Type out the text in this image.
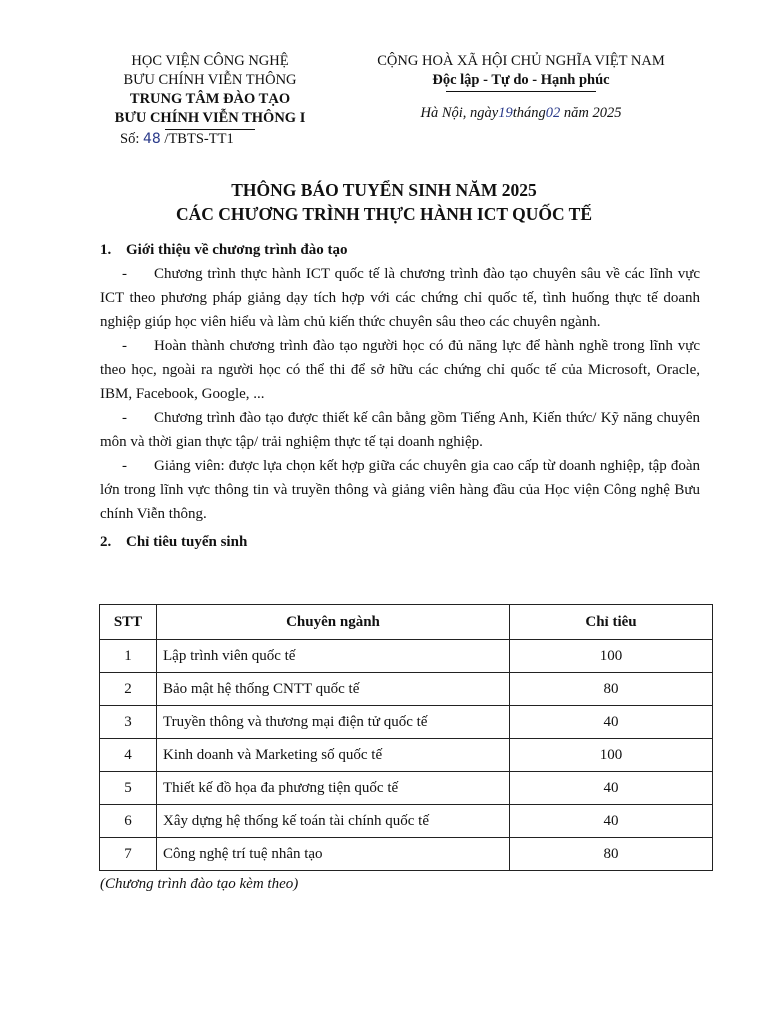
HỌC VIỆN CÔNG NGHỆ
BƯU CHÍNH VIỄN THÔNG
TRUNG TÂM ĐÀO TẠO
BƯU CHÍNH VIỄN THÔNG I
Số: 48 /TBTS-TT1
CỘNG HOÀ XÃ HỘI CHỦ NGHĨA VIỆT NAM
Độc lập - Tự do - Hạnh phúc
Hà Nội, ngày19tháng02 năm 2025
THÔNG BÁO TUYỂN SINH NĂM 2025
CÁC CHƯƠNG TRÌNH THỰC HÀNH ICT QUỐC TẾ
1. Giới thiệu về chương trình đào tạo

- Chương trình thực hành ICT quốc tế là chương trình đào tạo chuyên sâu về các lĩnh vực ICT theo phương pháp giảng dạy tích hợp với các chứng chỉ quốc tế, tình huống thực tế doanh nghiệp giúp học viên hiểu và làm chủ kiến thức chuyên sâu theo các chuyên ngành.

- Hoàn thành chương trình đào tạo người học có đủ năng lực để hành nghề trong lĩnh vực theo học, ngoài ra người học có thể thi để sở hữu các chứng chỉ quốc tế của Microsoft, Oracle, IBM, Facebook, Google, ...

- Chương trình đào tạo được thiết kế cân bằng gồm Tiếng Anh, Kiến thức/ Kỹ năng chuyên môn và thời gian thực tập/ trải nghiệm thực tế tại doanh nghiệp.

- Giảng viên: được lựa chọn kết hợp giữa các chuyên gia cao cấp từ doanh nghiệp, tập đoàn lớn trong lĩnh vực thông tin và truyền thông và giảng viên hàng đầu của Học viện Công nghệ Bưu chính Viễn thông.

2. Chỉ tiêu tuyển sinh
STT	Chuyên ngành	Chỉ tiêu
1	Lập trình viên quốc tế	100
2	Bảo mật hệ thống CNTT quốc tế	80
3	Truyền thông và thương mại điện tử quốc tế	40
4	Kinh doanh và Marketing số quốc tế	100
5	Thiết kế đồ họa đa phương tiện quốc tế	40
6	Xây dựng hệ thống kế toán tài chính quốc tế	40
7	Công nghệ trí tuệ nhân tạo	80
(Chương trình đào tạo kèm theo)
